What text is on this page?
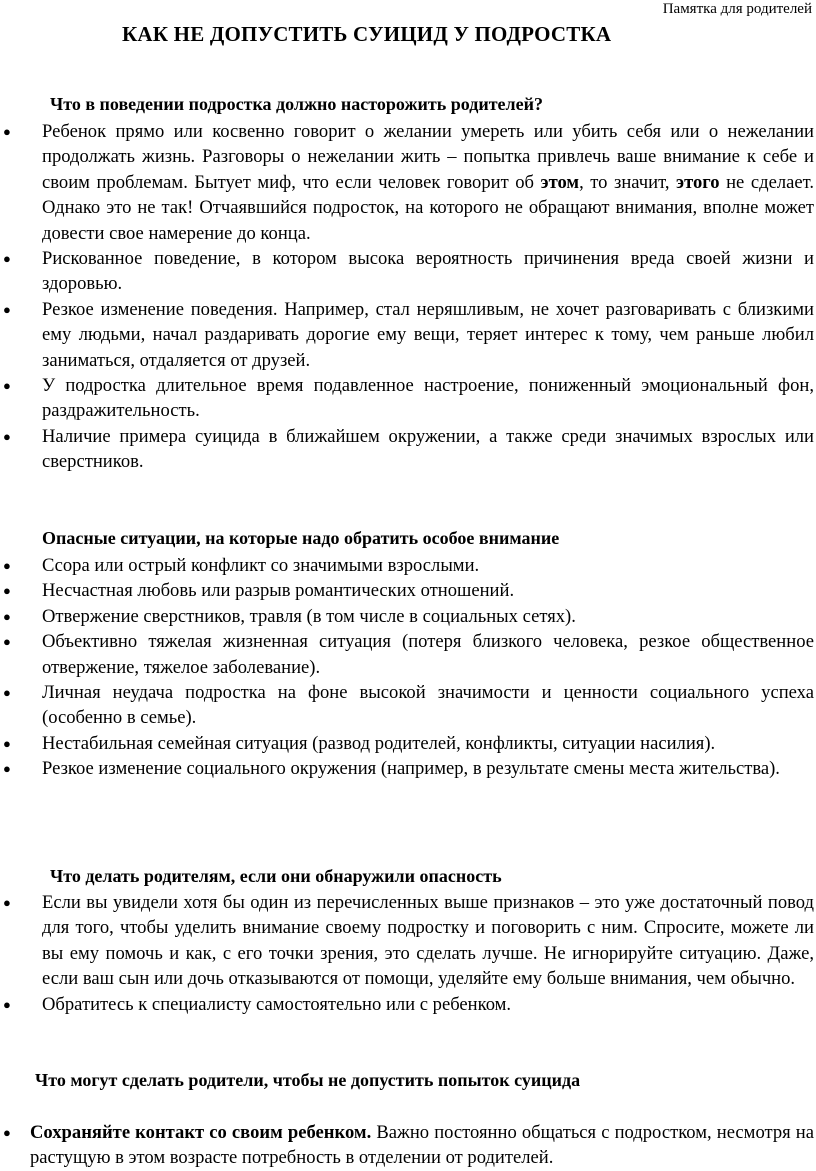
Памятка для родителей
КАК НЕ ДОПУСТИТЬ СУИЦИД У ПОДРОСТКА
Что в поведении подростка должно насторожить родителей?
● Ребенок прямо или косвенно говорит о желании умереть или убить себя или о нежелании продолжать жизнь. Разговоры о нежелании жить – попытка привлечь ваше внимание к себе и своим проблемам. Бытует миф, что если человек говорит об этом, то значит, этого не сделает. Однако это не так! Отчаявшийся подросток, на которого не обращают внимания, вполне может довести свое намерение до конца.
● Рискованное поведение, в котором высока вероятность причинения вреда своей жизни и здоровью.
● Резкое изменение поведения. Например, стал неряшливым, не хочет разговаривать с близкими ему людьми, начал раздаривать дорогие ему вещи, теряет интерес к тому, чем раньше любил заниматься, отдаляется от друзей.
● У подростка длительное время подавленное настроение, пониженный эмоциональный фон, раздражительность.
● Наличие примера суицида в ближайшем окружении, а также среди значимых взрослых или сверстников.
Опасные ситуации, на которые надо обратить особое внимание
● Ссора или острый конфликт со значимыми взрослыми.
● Несчастная любовь или разрыв романтических отношений.
● Отвержение сверстников, травля (в том числе в социальных сетях).
● Объективно тяжелая жизненная ситуация (потеря близкого человека, резкое общественное отвержение, тяжелое заболевание).
● Личная неудача подростка на фоне высокой значимости и ценности социального успеха (особенно в семье).
● Нестабильная семейная ситуация (развод родителей, конфликты, ситуации насилия).
● Резкое изменение социального окружения (например, в результате смены места жительства).
Что делать родителям, если они обнаружили опасность
● Если вы увидели хотя бы один из перечисленных выше признаков – это уже достаточный повод для того, чтобы уделить внимание своему подростку и поговорить с ним. Спросите, можете ли вы ему помочь и как, с его точки зрения, это сделать лучше. Не игнорируйте ситуацию. Даже, если ваш сын или дочь отказываются от помощи, уделяйте ему больше внимания, чем обычно.
● Обратитесь к специалисту самостоятельно или с ребенком.
Что могут сделать родители, чтобы не допустить попыток суицида
● Сохраняйте контакт со своим ребенком. Важно постоянно общаться с подростком, несмотря на растущую в этом возрасте потребность в отделении от родителей.
